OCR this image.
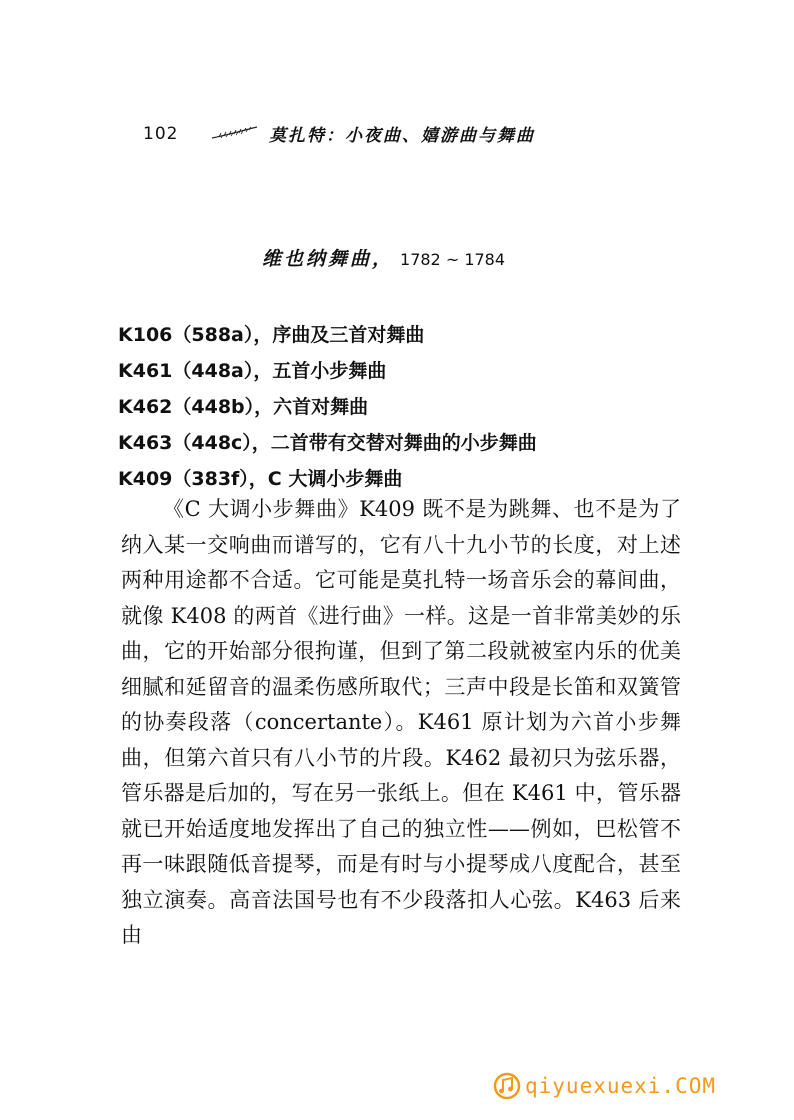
102	莫扎特：小夜曲、嬉游曲与舞曲
维也纳舞曲， 1782 ~ 1784
K106（588a），序曲及三首对舞曲
K461（448a），五首小步舞曲
K462（448b），六首对舞曲
K463（448c），二首带有交替对舞曲的小步舞曲
K409（383f），C 大调小步舞曲

《C 大调小步舞曲》K409 既不是为跳舞、也不是为了纳入某一交响曲而谱写的，它有八十九小节的长度，对上述两种用途都不合适。它可能是莫扎特一场音乐会的幕间曲，就像 K408 的两首《进行曲》一样。这是一首非常美妙的乐曲，它的开始部分很拘谨，但到了第二段就被室内乐的优美细腻和延留音的温柔伤感所取代；三声中段是长笛和双簧管的协奏段落（concertante）。K461 原计划为六首小步舞曲，但第六首只有八小节的片段。K462 最初只为弦乐器，管乐器是后加的，写在另一张纸上。但在 K461 中，管乐器就已开始适度地发挥出了自己的独立性——例如，巴松管不再一味跟随低音提琴，而是有时与小提琴成八度配合，甚至独立演奏。高音法国号也有不少段落扣人心弦。K463 后来由

qiyuexuexi.COM
